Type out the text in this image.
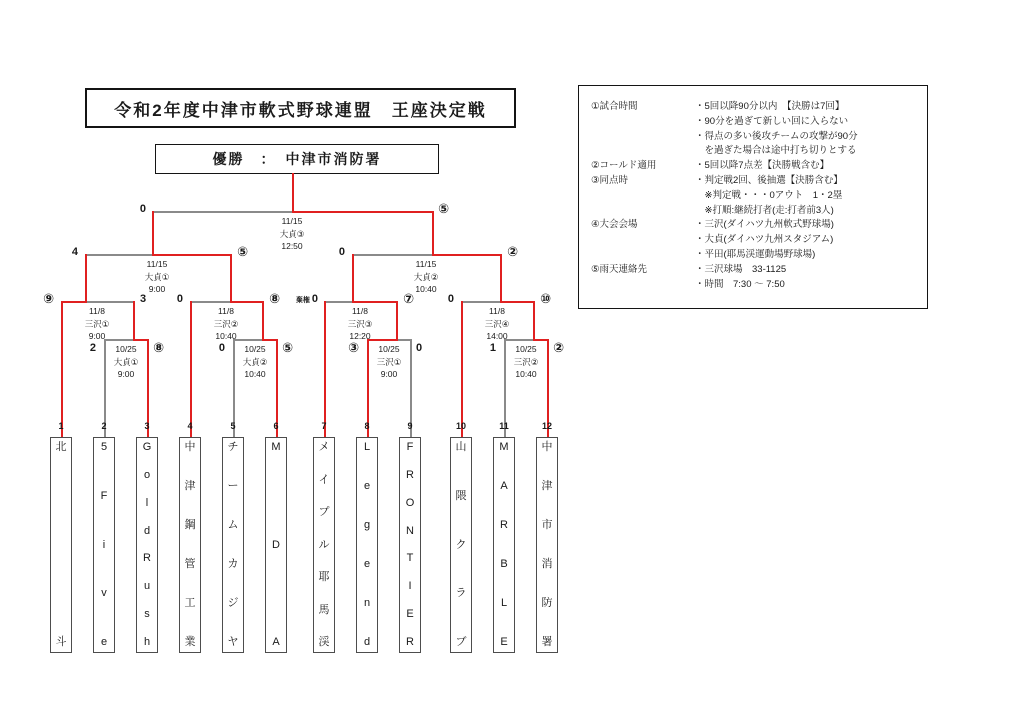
令和2年度中津市軟式野球連盟　王座決定戦
優勝　：　中津市消防署
①試合時間	・5回以降90分以内　【決勝は7回】
・90分を過ぎて新しい回に入らない
・得点の多い後攻チームの攻撃が90分
　を過ぎた場合は途中打ち切りとする
②コールド適用	・5回以降7点差【決勝戦含む】
③同点時	・判定戦2回、後抽選【決勝含む】
　※判定戦・・・0アウト　1・2塁
　※打順:継続打者(走:打者前3人)
④大会会場	・三沢(ダイハツ九州軟式野球場)
・大貞(ダイハツ九州スタジアム)
・平田(耶馬渓運動場野球場)
⑤雨天連絡先	・三沢球場　33-1125
・時間　7:30 ～ 7:50
1
北
斗
2
5
F
i
v
e
3
G
o
l
d
R
u
s
h
4
中
津
鋼
管
工
業
5
チ
ー
ム
カ
ジ
ヤ
6
M
D
A
7
メ
イ
プ
ル
耶
馬
渓
8
L
e
g
e
n
d
9
F
R
O
N
T
I
E
R
10
山
隈
ク
ラ
ブ
11
M
A
R
B
L
E
12
中
津
市
消
防
署
10/25
大貞①
9:00
2	⑧	10/25
大貞②
10:40
0	⑤	10/25
三沢①
9:00
③	0	10/25
三沢②
10:40
1	②
11/8
三沢①
9:00
⑨	3
11/8
三沢②
10:40
0	⑧
11/8
三沢③
12:20
棄権 0	⑦
11/8
三沢④
14:00
0	⑩
11/15
大貞①
9:00
4	⑤
11/15
大貞②
10:40
0	②
11/15
大貞③
12:50
0	⑤
